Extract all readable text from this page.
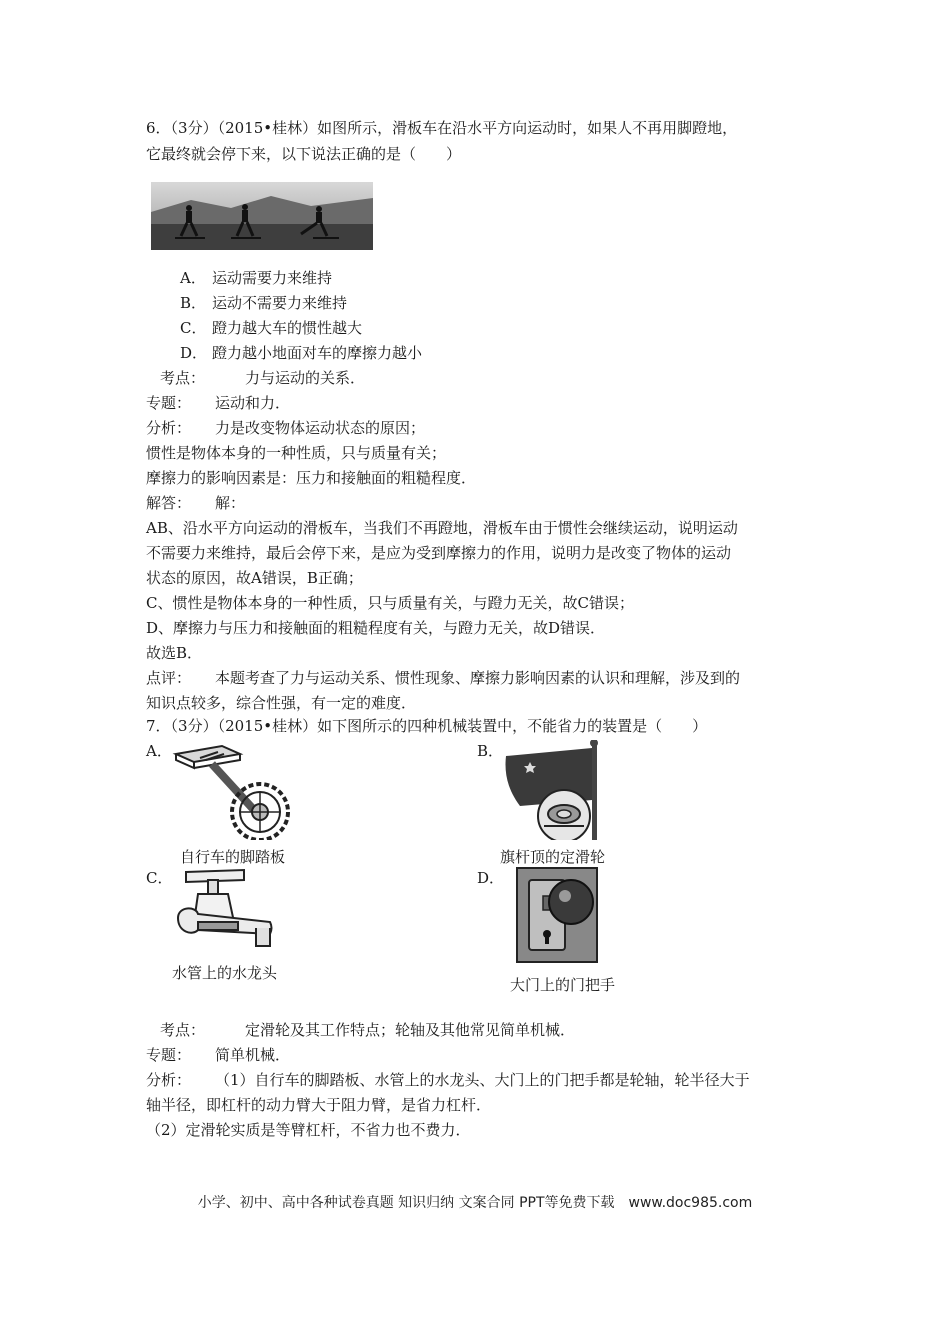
6．（3分）（2015•桂林）如图所示，滑板车在沿水平方向运动时，如果人不再用脚蹬地，
它最终就会停下来，以下说法正确的是（　　）
A． 运动需要力来维持
B． 运动不需要力来维持
C． 蹬力越大车的惯性越大
D． 蹬力越小地面对车的摩擦力越小
考点：	力与运动的关系．
专题： 运动和力．
分析： 力是改变物体运动状态的原因；
惯性是物体本身的一种性质，只与质量有关；
摩擦力的影响因素是：压力和接触面的粗糙程度．
解答： 解：
AB、沿水平方向运动的滑板车，当我们不再蹬地，滑板车由于惯性会继续运动，说明运动
不需要力来维持，最后会停下来，是应为受到摩擦力的作用，说明力是改变了物体的运动
状态的原因，故A错误，B正确；
C、惯性是物体本身的一种性质，只与质量有关，与蹬力无关，故C错误；
D、摩擦力与压力和接触面的粗糙程度有关，与蹬力无关，故D错误．
故选B．
点评： 本题考查了力与运动关系、惯性现象、摩擦力影响因素的认识和理解，涉及到的
知识点较多，综合性强，有一定的难度．
7．（3分）（2015•桂林）如下图所示的四种机械装置中，不能省力的装置是（　　）
A．	B．
C．	D．
自行车的脚踏板	旗杆顶的定滑轮
水管上的水龙头
大门上的门把手
考点：	定滑轮及其工作特点；轮轴及其他常见简单机械．
专题： 简单机械．
分析： （1）自行车的脚踏板、水管上的水龙头、大门上的门把手都是轮轴，轮半径大于
轴半径，即杠杆的动力臂大于阻力臂，是省力杠杆．
（2）定滑轮实质是等臂杠杆，不省力也不费力．
小学、初中、高中各种试卷真题 知识归纳 文案合同 PPT等免费下载　www.doc985.com
